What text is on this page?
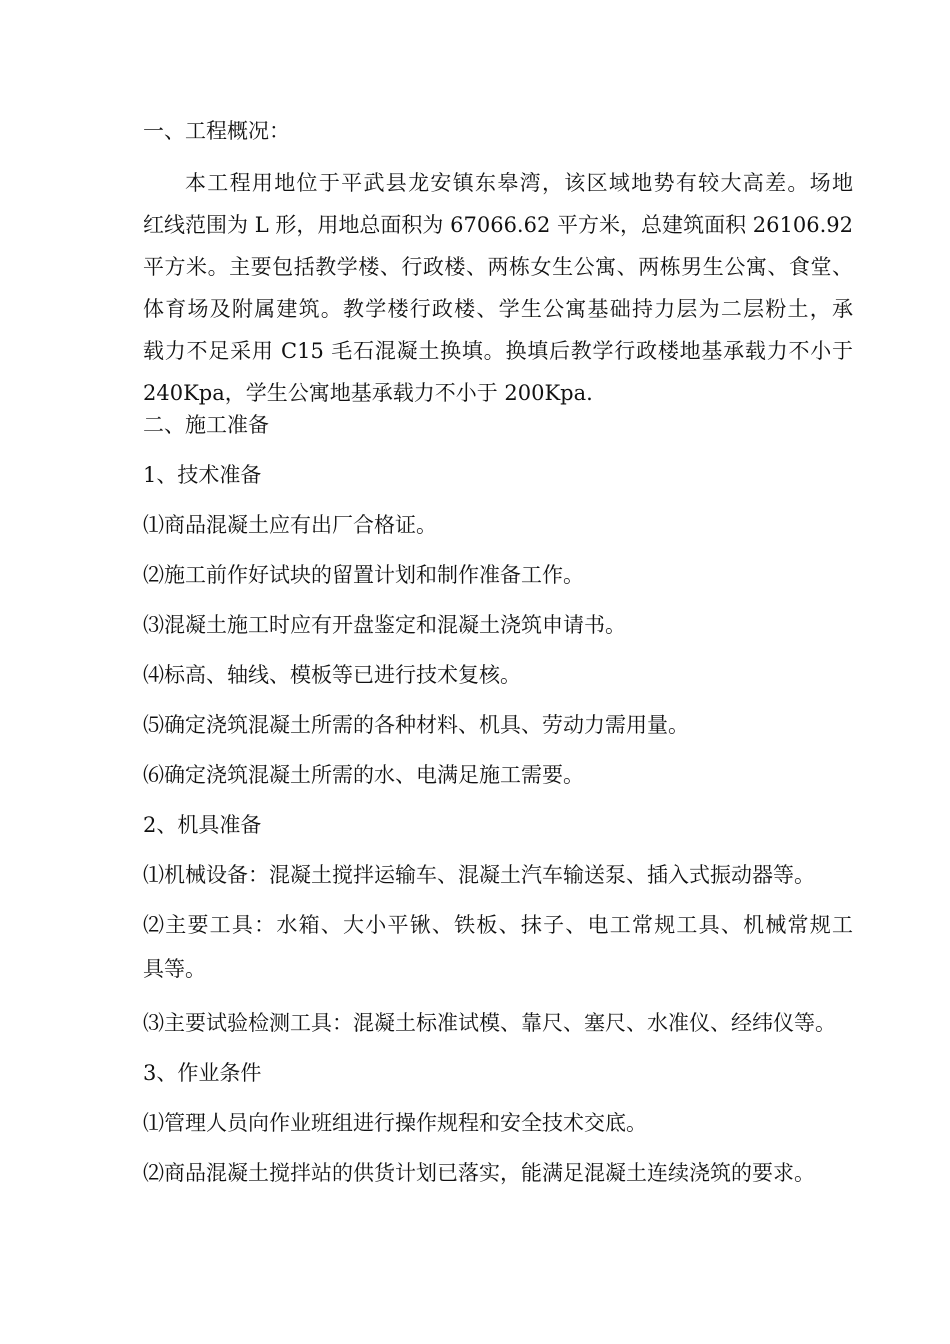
一、工程概况：
本工程用地位于平武县龙安镇东皋湾，该区域地势有较大高差。场地
红线范围为 L 形，用地总面积为 67066.62 平方米，总建筑面积 26106.92
平方米。主要包括教学楼、行政楼、两栋女生公寓、两栋男生公寓、食堂、
体育场及附属建筑。教学楼行政楼、学生公寓基础持力层为二层粉土，承
载力不足采用 C15 毛石混凝土换填。换填后教学行政楼地基承载力不小于
240Kpa，学生公寓地基承载力不小于 200Kpa.
二、施工准备
1、技术准备
⑴商品混凝土应有出厂合格证。
⑵施工前作好试块的留置计划和制作准备工作。
⑶混凝土施工时应有开盘鉴定和混凝土浇筑申请书。
⑷标高、轴线、模板等已进行技术复核。
⑸确定浇筑混凝土所需的各种材料、机具、劳动力需用量。
⑹确定浇筑混凝土所需的水、电满足施工需要。
2、机具准备
⑴机械设备：混凝土搅拌运输车、混凝土汽车输送泵、插入式振动器等。
⑵主要工具：水箱、大小平锹、铁板、抹子、电工常规工具、机械常规工
具等。
⑶主要试验检测工具：混凝土标准试模、靠尺、塞尺、水准仪、经纬仪等。
3、作业条件
⑴管理人员向作业班组进行操作规程和安全技术交底。
⑵商品混凝土搅拌站的供货计划已落实，能满足混凝土连续浇筑的要求。
